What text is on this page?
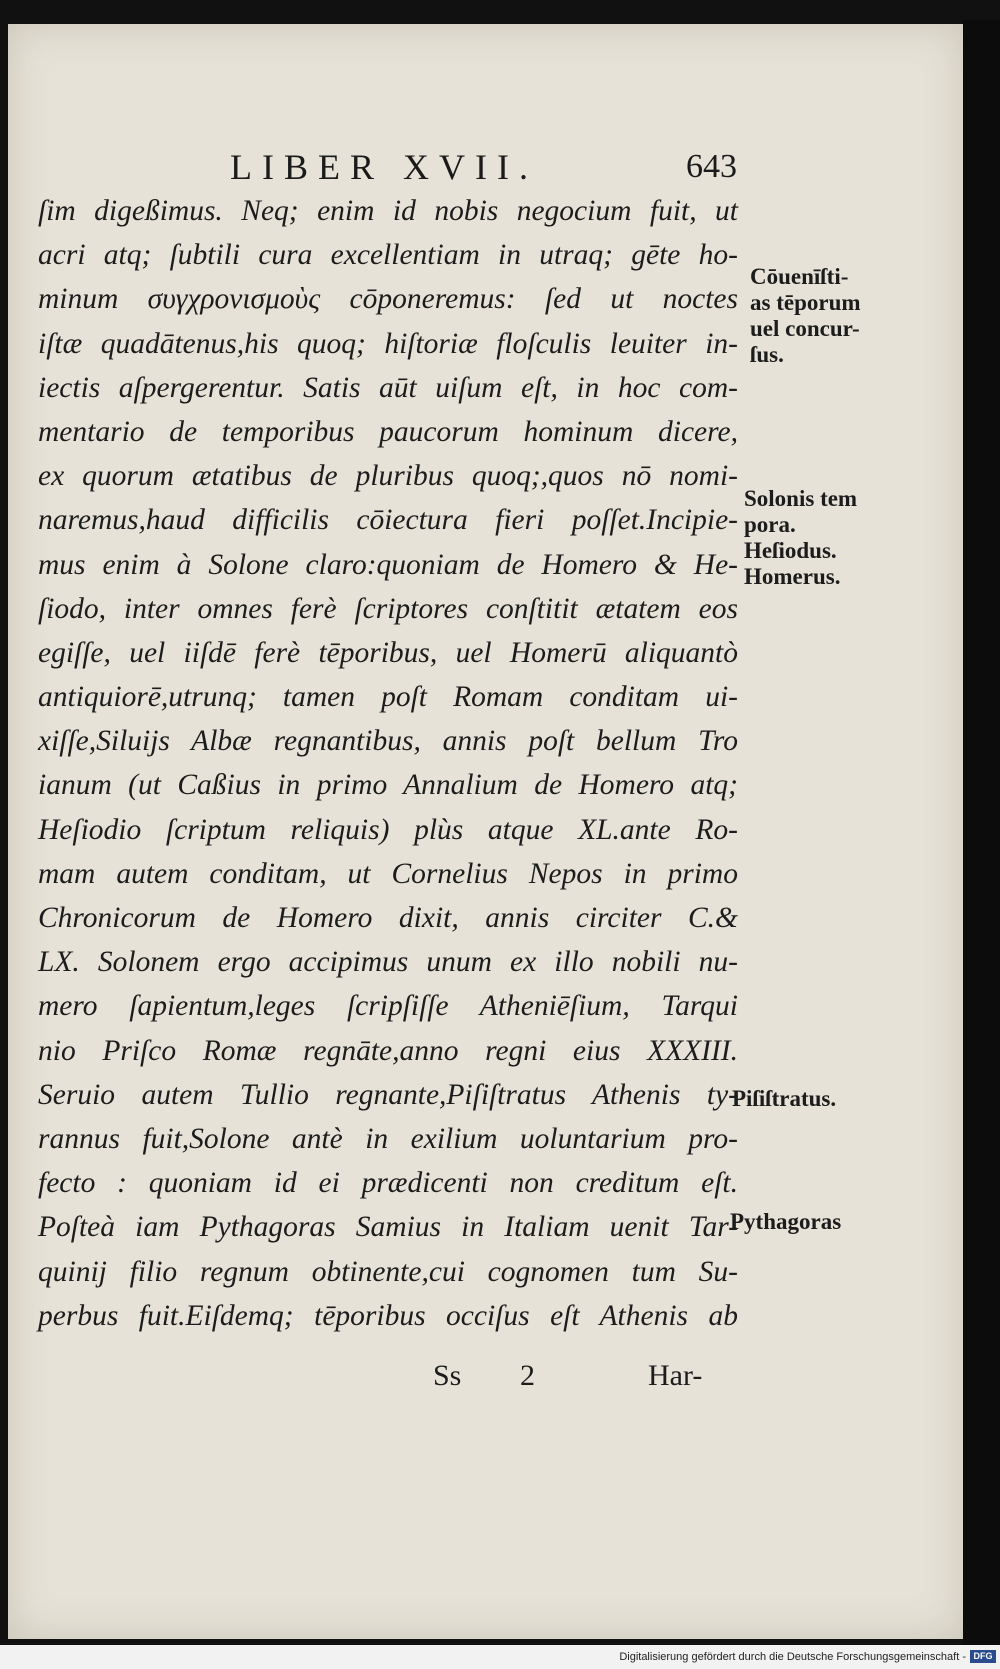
LIBER XVII.	643
ſim digeßimus. Neq; enim id nobis negocium fuit, ut
acri atq; ſubtili cura excellentiam in utraq; gēte ho-
minum συγχρονισμοὺς cōponeremus: ſed ut noctes
iſtæ quadātenus,his quoq; hiſtoriæ floſculis leuiter in-
iectis aſpergerentur. Satis aūt uiſum eſt, in hoc com-
mentario de temporibus paucorum hominum dicere,
ex quorum ætatibus de pluribus quoq;,quos nō nomi-
naremus,haud difficilis cōiectura fieri poſſet.Incipie-
mus enim à Solone claro:quoniam de Homero & He-
ſiodo, inter omnes ferè ſcriptores conſtitit ætatem eos
egiſſe, uel iiſdē ferè tēporibus, uel Homerū aliquantò
antiquiorē,utrunq; tamen poſt Romam conditam ui-
xiſſe,Siluijs Albæ regnantibus, annis poſt bellum Tro
ianum (ut Caßius in primo Annalium de Homero atq;
Heſiodio ſcriptum reliquis) plùs atque XL.ante Ro-
mam autem conditam, ut Cornelius Nepos in primo
Chronicorum de Homero dixit, annis circiter C.&
LX. Solonem ergo accipimus unum ex illo nobili nu-
mero ſapientum,leges ſcripſiſſe Atheniēſium, Tarqui
nio Priſco Romæ regnāte,anno regni eius XXXIII.
Seruio autem Tullio regnante,Piſiſtratus Athenis ty-
rannus fuit,Solone antè in exilium uoluntarium pro-
fecto : quoniam id ei prædicenti non creditum eſt.
Poſteà iam Pythagoras Samius in Italiam uenit Tar-
quinij filio regnum obtinente,cui cognomen tum Su-
perbus fuit.Eiſdemq; tēporibus occiſus eſt Athenis ab
Cōuenīſti-
as tēporum
uel concur-
ſus.
Solonis tem
pora.
Heſiodus.
Homerus.
Piſiſtratus.
Pythagoras
Ss 2	Har-
Digitalisierung gefördert durch die Deutsche Forschungsgemeinschaft - DFG
